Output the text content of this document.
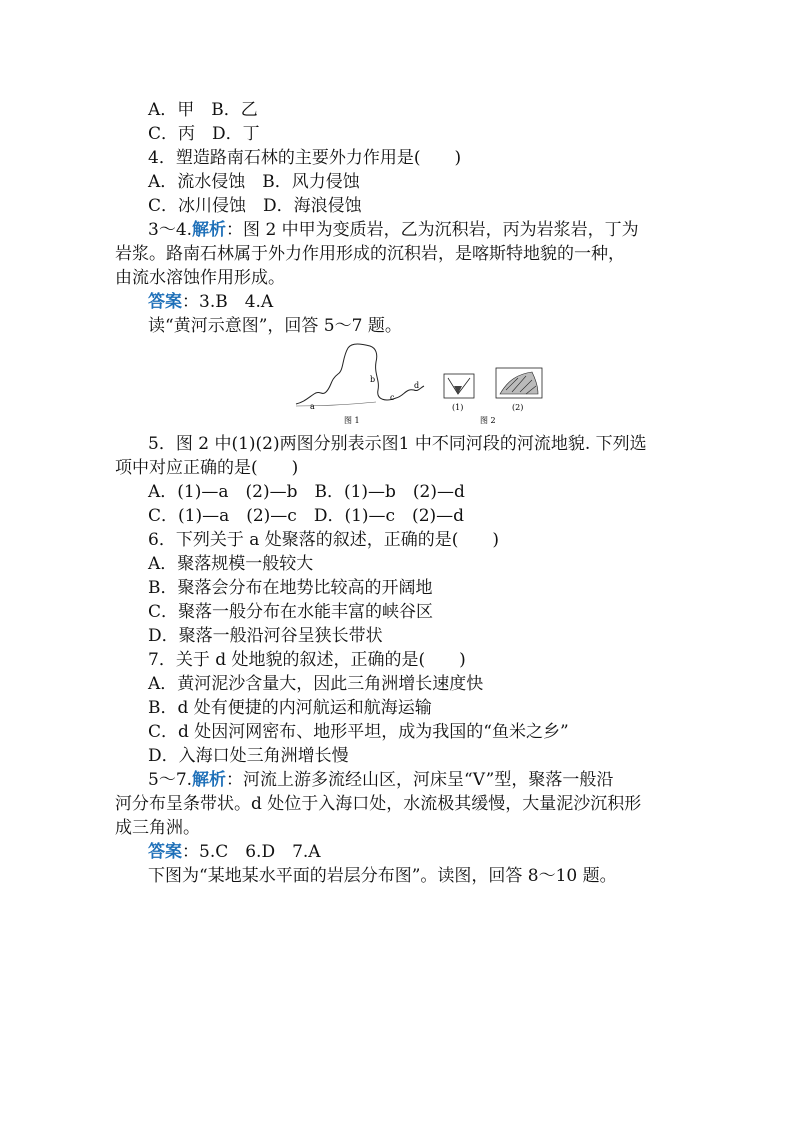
A．甲　B．乙
C．丙　D．丁
4．塑造路南石林的主要外力作用是(　　)
A．流水侵蚀　B．风力侵蚀
C．冰川侵蚀　D．海浪侵蚀
3～4.解析：图 2 中甲为变质岩，乙为沉积岩，丙为岩浆岩，丁为
岩浆。路南石林属于外力作用形成的沉积岩，是喀斯特地貌的一种，
由流水溶蚀作用形成。
答案：3.B　4.A
读“黄河示意图”，回答 5～7 题。
a
b
c
d
图 1
(1)	(2)
图 2
5．图 2 中(1)(2)两图分别表示图1 中不同河段的河流地貌. 下列选
项中对应正确的是(　　)
A．(1)—a　(2)—b　B．(1)—b　(2)—d
C．(1)—a　(2)—c　D．(1)—c　(2)—d
6．下列关于 a 处聚落的叙述，正确的是(　　)
A．聚落规模一般较大
B．聚落会分布在地势比较高的开阔地
C．聚落一般分布在水能丰富的峡谷区
D．聚落一般沿河谷呈狭长带状
7．关于 d 处地貌的叙述，正确的是(　　)
A．黄河泥沙含量大，因此三角洲增长速度快
B．d 处有便捷的内河航运和航海运输
C．d 处因河网密布、地形平坦，成为我国的“鱼米之乡”
D．入海口处三角洲增长慢
5～7.解析：河流上游多流经山区，河床呈“V”型，聚落一般沿
河分布呈条带状。d 处位于入海口处，水流极其缓慢，大量泥沙沉积形
成三角洲。
答案：5.C　6.D　7.A
下图为“某地某水平面的岩层分布图”。读图，回答 8～10 题。
